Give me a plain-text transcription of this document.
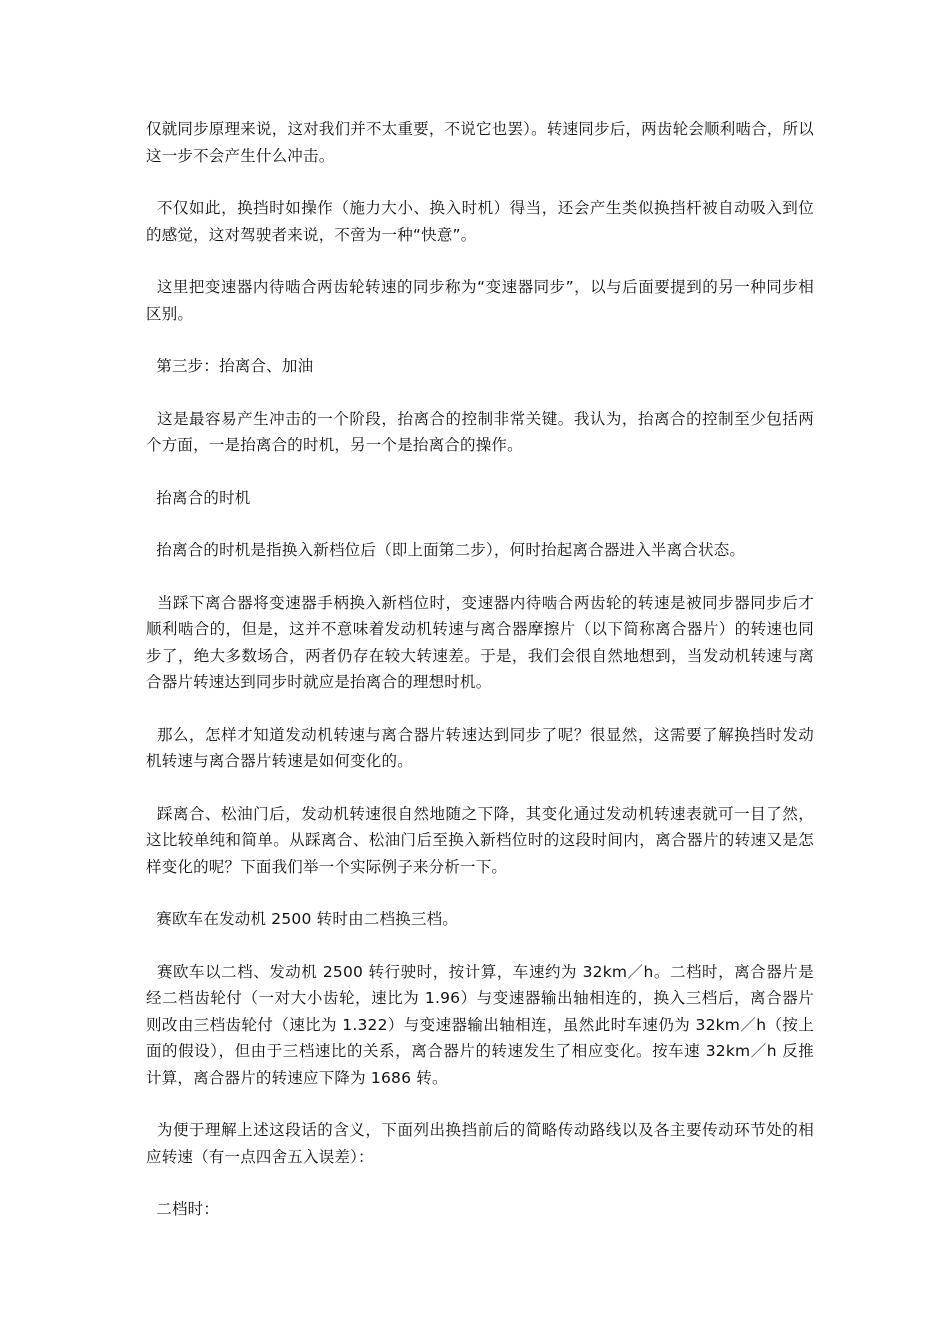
仅就同步原理来说，这对我们并不太重要，不说它也罢）。转速同步后，两齿轮会顺利啮合，所以这一步不会产生什么冲击。

不仅如此，换挡时如操作（施力大小、换入时机）得当，还会产生类似换挡杆被自动吸入到位的感觉，这对驾驶者来说，不啻为一种“快意”。

这里把变速器内待啮合两齿轮转速的同步称为“变速器同步”，以与后面要提到的另一种同步相区别。

第三步：抬离合、加油

这是最容易产生冲击的一个阶段，抬离合的控制非常关键。我认为，抬离合的控制至少包括两个方面，一是抬离合的时机，另一个是抬离合的操作。

抬离合的时机

抬离合的时机是指换入新档位后（即上面第二步），何时抬起离合器进入半离合状态。

当踩下离合器将变速器手柄换入新档位时，变速器内待啮合两齿轮的转速是被同步器同步后才顺利啮合的，但是，这并不意味着发动机转速与离合器摩擦片（以下简称离合器片）的转速也同步了，绝大多数场合，两者仍存在较大转速差。于是，我们会很自然地想到，当发动机转速与离合器片转速达到同步时就应是抬离合的理想时机。

那么，怎样才知道发动机转速与离合器片转速达到同步了呢？很显然，这需要了解换挡时发动机转速与离合器片转速是如何变化的。

踩离合、松油门后，发动机转速很自然地随之下降，其变化通过发动机转速表就可一目了然，这比较单纯和简单。从踩离合、松油门后至换入新档位时的这段时间内，离合器片的转速又是怎样变化的呢？下面我们举一个实际例子来分析一下。

赛欧车在发动机 2500 转时由二档换三档。

赛欧车以二档、发动机 2500 转行驶时，按计算，车速约为 32km／h。二档时，离合器片是经二档齿轮付（一对大小齿轮，速比为 1.96）与变速器输出轴相连的，换入三档后，离合器片则改由三档齿轮付（速比为 1.322）与变速器输出轴相连，虽然此时车速仍为 32km／h（按上面的假设），但由于三档速比的关系，离合器片的转速发生了相应变化。按车速 32km／h 反推计算，离合器片的转速应下降为 1686 转。

为便于理解上述这段话的含义，下面列出换挡前后的简略传动路线以及各主要传动环节处的相应转速（有一点四舍五入误差）：

二档时：
